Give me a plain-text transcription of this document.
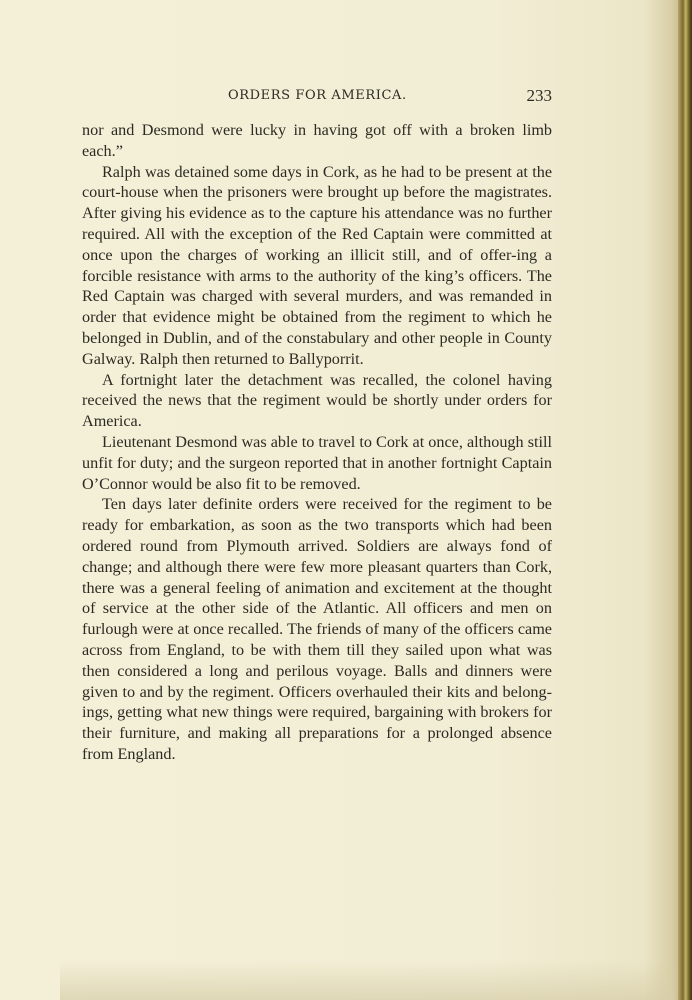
ORDERS FOR AMERICA.	233

nor and Desmond were lucky in having got off with a broken limb each.”

Ralph was detained some days in Cork, as he had to be present at the court-house when the prisoners were brought up before the magistrates. After giving his evidence as to the capture his attendance was no further required. All with the exception of the Red Captain were committed at once upon the charges of working an illicit still, and of offer-ing a forcible resistance with arms to the authority of the king’s officers. The Red Captain was charged with several murders, and was remanded in order that evidence might be obtained from the regiment to which he belonged in Dublin, and of the constabulary and other people in County Galway. Ralph then returned to Ballyporrit.

A fortnight later the detachment was recalled, the colonel having received the news that the regiment would be shortly under orders for America.

Lieutenant Desmond was able to travel to Cork at once, although still unfit for duty; and the surgeon reported that in another fortnight Captain O’Connor would be also fit to be removed.

Ten days later definite orders were received for the regiment to be ready for embarkation, as soon as the two transports which had been ordered round from Plymouth arrived. Soldiers are always fond of change; and although there were few more pleasant quarters than Cork, there was a general feeling of animation and excitement at the thought of service at the other side of the Atlantic. All officers and men on furlough were at once recalled. The friends of many of the officers came across from England, to be with them till they sailed upon what was then considered a long and perilous voyage. Balls and dinners were given to and by the regiment. Officers overhauled their kits and belong-ings, getting what new things were required, bargaining with brokers for their furniture, and making all preparations for a prolonged absence from England.
